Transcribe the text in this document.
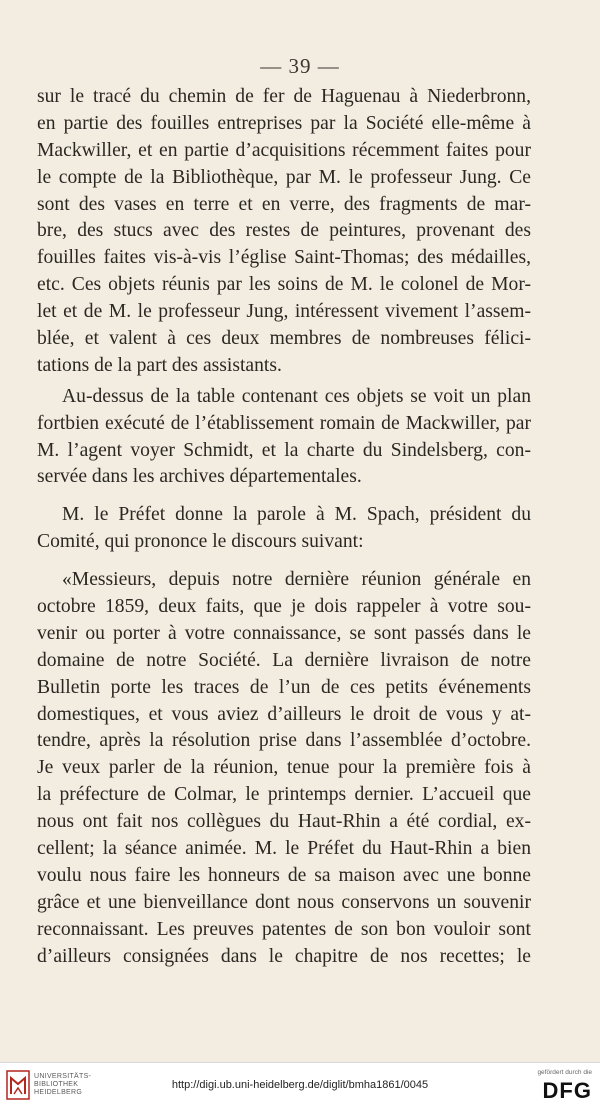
— 39 —
sur le tracé du chemin de fer de Haguenau à Niederbronn,
en partie des fouilles entreprises par la Société elle-même à
Mackwiller, et en partie d’acquisitions récemment faites pour
le compte de la Bibliothèque, par M. le professeur Jung. Ce
sont des vases en terre et en verre, des fragments de mar-
bre, des stucs avec des restes de peintures, provenant des
fouilles faites vis-à-vis l’église Saint-Thomas; des médailles,
etc. Ces objets réunis par les soins de M. le colonel de Mor-
let et de M. le professeur Jung, intéressent vivement l’assem-
blée, et valent à ces deux membres de nombreuses félici-
tations de la part des assistants.
Au-dessus de la table contenant ces objets se voit un plan
fortbien exécuté de l’établissement romain de Mackwiller, par
M. l’agent voyer Schmidt, et la charte du Sindelsberg, con-
servée dans les archives départementales.
M. le Préfet donne la parole à M. Spach, président du
Comité, qui prononce le discours suivant:
«Messieurs, depuis notre dernière réunion générale en
octobre 1859, deux faits, que je dois rappeler à votre sou-
venir ou porter à votre connaissance, se sont passés dans le
domaine de notre Société. La dernière livraison de notre
Bulletin porte les traces de l’un de ces petits événements
domestiques, et vous aviez d’ailleurs le droit de vous y at-
tendre, après la résolution prise dans l’assemblée d’octobre.
Je veux parler de la réunion, tenue pour la première fois à
la préfecture de Colmar, le printemps dernier. L’accueil que
nous ont fait nos collègues du Haut-Rhin a été cordial, ex-
cellent; la séance animée. M. le Préfet du Haut-Rhin a bien
voulu nous faire les honneurs de sa maison avec une bonne
grâce et une bienveillance dont nous conservons un souvenir
reconnaissant. Les preuves patentes de son bon vouloir sont
d’ailleurs consignées dans le chapitre de nos recettes; le
UNIVERSITÄTS-
BIBLIOTHEK
HEIDELBERG
http://digi.ub.uni-heidelberg.de/diglit/bmha1861/0045
gefördert durch die
DFG
